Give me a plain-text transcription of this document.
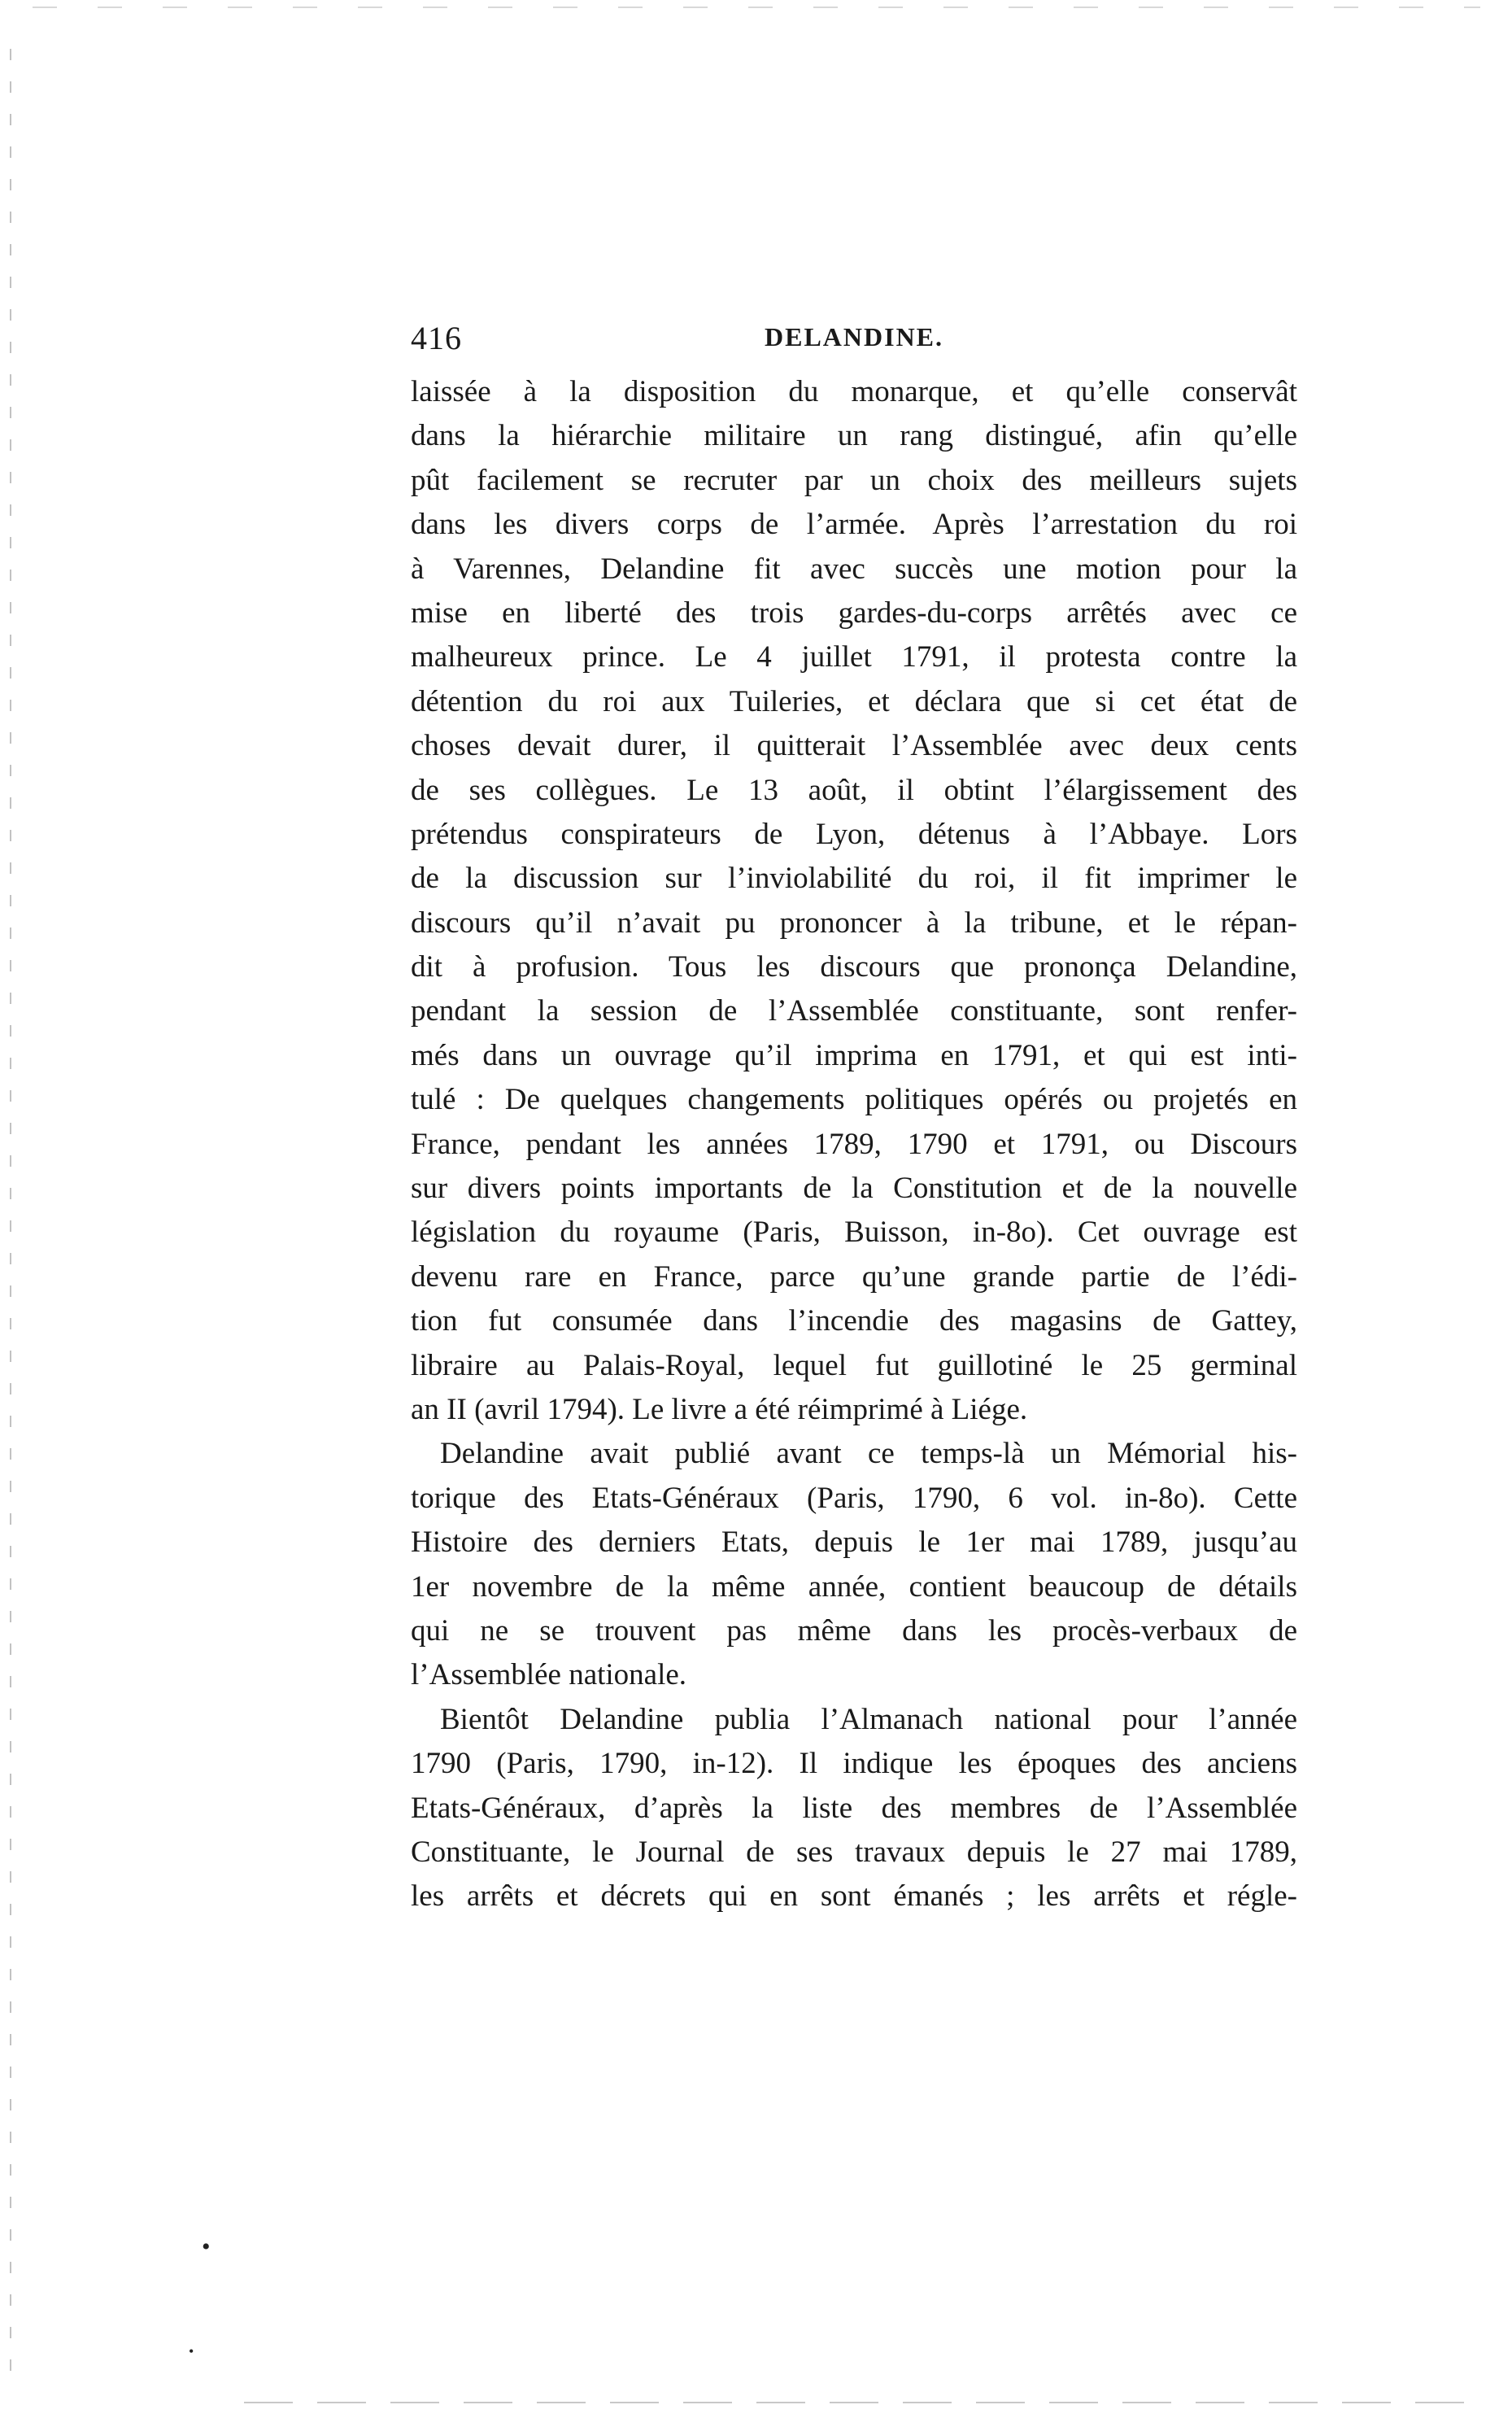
416	DELANDINE.
laissée à la disposition du monarque, et qu’elle conservât
dans la hiérarchie militaire un rang distingué, afin qu’elle
pût facilement se recruter par un choix des meilleurs sujets
dans les divers corps de l’armée. Après l’arrestation du roi
à Varennes, Delandine fit avec succès une motion pour la
mise en liberté des trois gardes-du-corps arrêtés avec ce
malheureux prince. Le 4 juillet 1791, il protesta contre la
détention du roi aux Tuileries, et déclara que si cet état de
choses devait durer, il quitterait l’Assemblée avec deux cents
de ses collègues. Le 13 août, il obtint l’élargissement des
prétendus conspirateurs de Lyon, détenus à l’Abbaye. Lors
de la discussion sur l’inviolabilité du roi, il fit imprimer le
discours qu’il n’avait pu prononcer à la tribune, et le répan-
dit à profusion. Tous les discours que prononça Delandine,
pendant la session de l’Assemblée constituante, sont renfer-
més dans un ouvrage qu’il imprima en 1791, et qui est inti-
tulé : De quelques changements politiques opérés ou projetés en
France, pendant les années 1789, 1790 et 1791, ou Discours
sur divers points importants de la Constitution et de la nouvelle
législation du royaume (Paris, Buisson, in-8o). Cet ouvrage est
devenu rare en France, parce qu’une grande partie de l’édi-
tion fut consumée dans l’incendie des magasins de Gattey,
libraire au Palais-Royal, lequel fut guillotiné le 25 germinal
an II (avril 1794). Le livre a été réimprimé à Liége.
Delandine avait publié avant ce temps-là un Mémorial his-
torique des Etats-Généraux (Paris, 1790, 6 vol. in-8o). Cette
Histoire des derniers Etats, depuis le 1er mai 1789, jusqu’au
1er novembre de la même année, contient beaucoup de détails
qui ne se trouvent pas même dans les procès-verbaux de
l’Assemblée nationale.
Bientôt Delandine publia l’Almanach national pour l’année
1790 (Paris, 1790, in-12). Il indique les époques des anciens
Etats-Généraux, d’après la liste des membres de l’Assemblée
Constituante, le Journal de ses travaux depuis le 27 mai 1789,
les arrêts et décrets qui en sont émanés ; les arrêts et régle-
•
•
